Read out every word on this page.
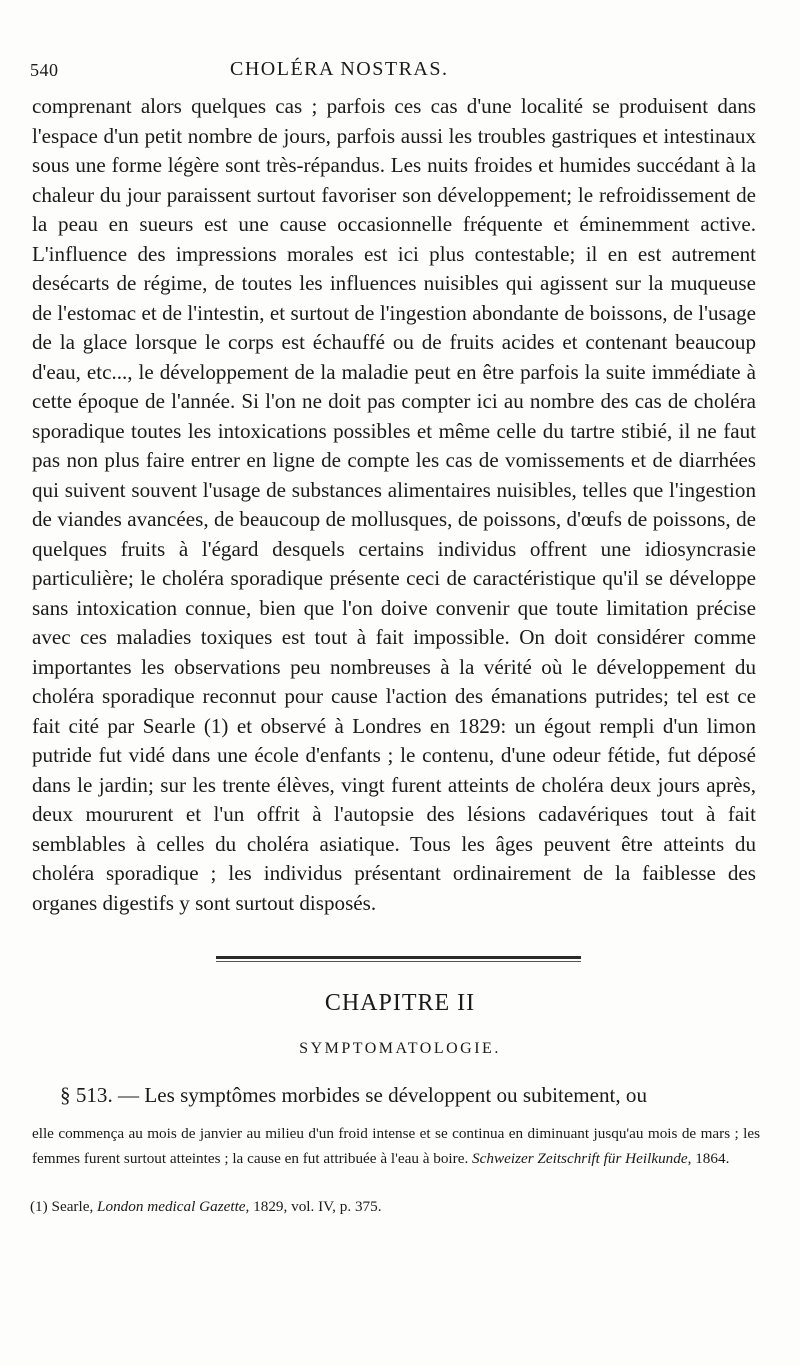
540	CHOLÉRA NOSTRAS.

comprenant alors quelques cas ; parfois ces cas d'une localité se produisent dans l'espace d'un petit nombre de jours, parfois aussi les troubles gastriques et intestinaux sous une forme légère sont très-répandus. Les nuits froides et humides succédant à la chaleur du jour paraissent surtout favoriser son développement; le refroidissement de la peau en sueurs est une cause occasionnelle fréquente et éminemment active. L'influence des impressions morales est ici plus contestable; il en est autrement desécarts de régime, de toutes les influences nuisibles qui agissent sur la muqueuse de l'estomac et de l'intestin, et surtout de l'ingestion abondante de boissons, de l'usage de la glace lorsque le corps est échauffé ou de fruits acides et contenant beaucoup d'eau, etc..., le développement de la maladie peut en être parfois la suite immédiate à cette époque de l'année. Si l'on ne doit pas compter ici au nombre des cas de choléra sporadique toutes les intoxications possibles et même celle du tartre stibié, il ne faut pas non plus faire entrer en ligne de compte les cas de vomissements et de diarrhées qui suivent souvent l'usage de substances alimentaires nuisibles, telles que l'ingestion de viandes avancées, de beaucoup de mollusques, de poissons, d'œufs de poissons, de quelques fruits à l'égard desquels certains individus offrent une idiosyncrasie particulière; le choléra sporadique présente ceci de caractéristique qu'il se développe sans intoxication connue, bien que l'on doive convenir que toute limitation précise avec ces maladies toxiques est tout à fait impossible. On doit considérer comme importantes les observations peu nombreuses à la vérité où le développement du choléra sporadique reconnut pour cause l'action des émanations putrides; tel est ce fait cité par Searle (1) et observé à Londres en 1829: un égout rempli d'un limon putride fut vidé dans une école d'enfants ; le contenu, d'une odeur fétide, fut déposé dans le jardin; sur les trente élèves, vingt furent atteints de choléra deux jours après, deux moururent et l'un offrit à l'autopsie des lésions cadavériques tout à fait semblables à celles du choléra asiatique. Tous les âges peuvent être atteints du choléra sporadique ; les individus présentant ordinairement de la faiblesse des organes digestifs y sont surtout disposés.

CHAPITRE II
SYMPTOMATOLOGIE.
§ 513. — Les symptômes morbides se développent ou subitement, ou

elle commença au mois de janvier au milieu d'un froid intense et se continua en diminuant jusqu'au mois de mars ; les femmes furent surtout atteintes ; la cause en fut attribuée à l'eau à boire. Schweizer Zeitschrift für Heilkunde, 1864.

(1) Searle, London medical Gazette, 1829, vol. IV, p. 375.
